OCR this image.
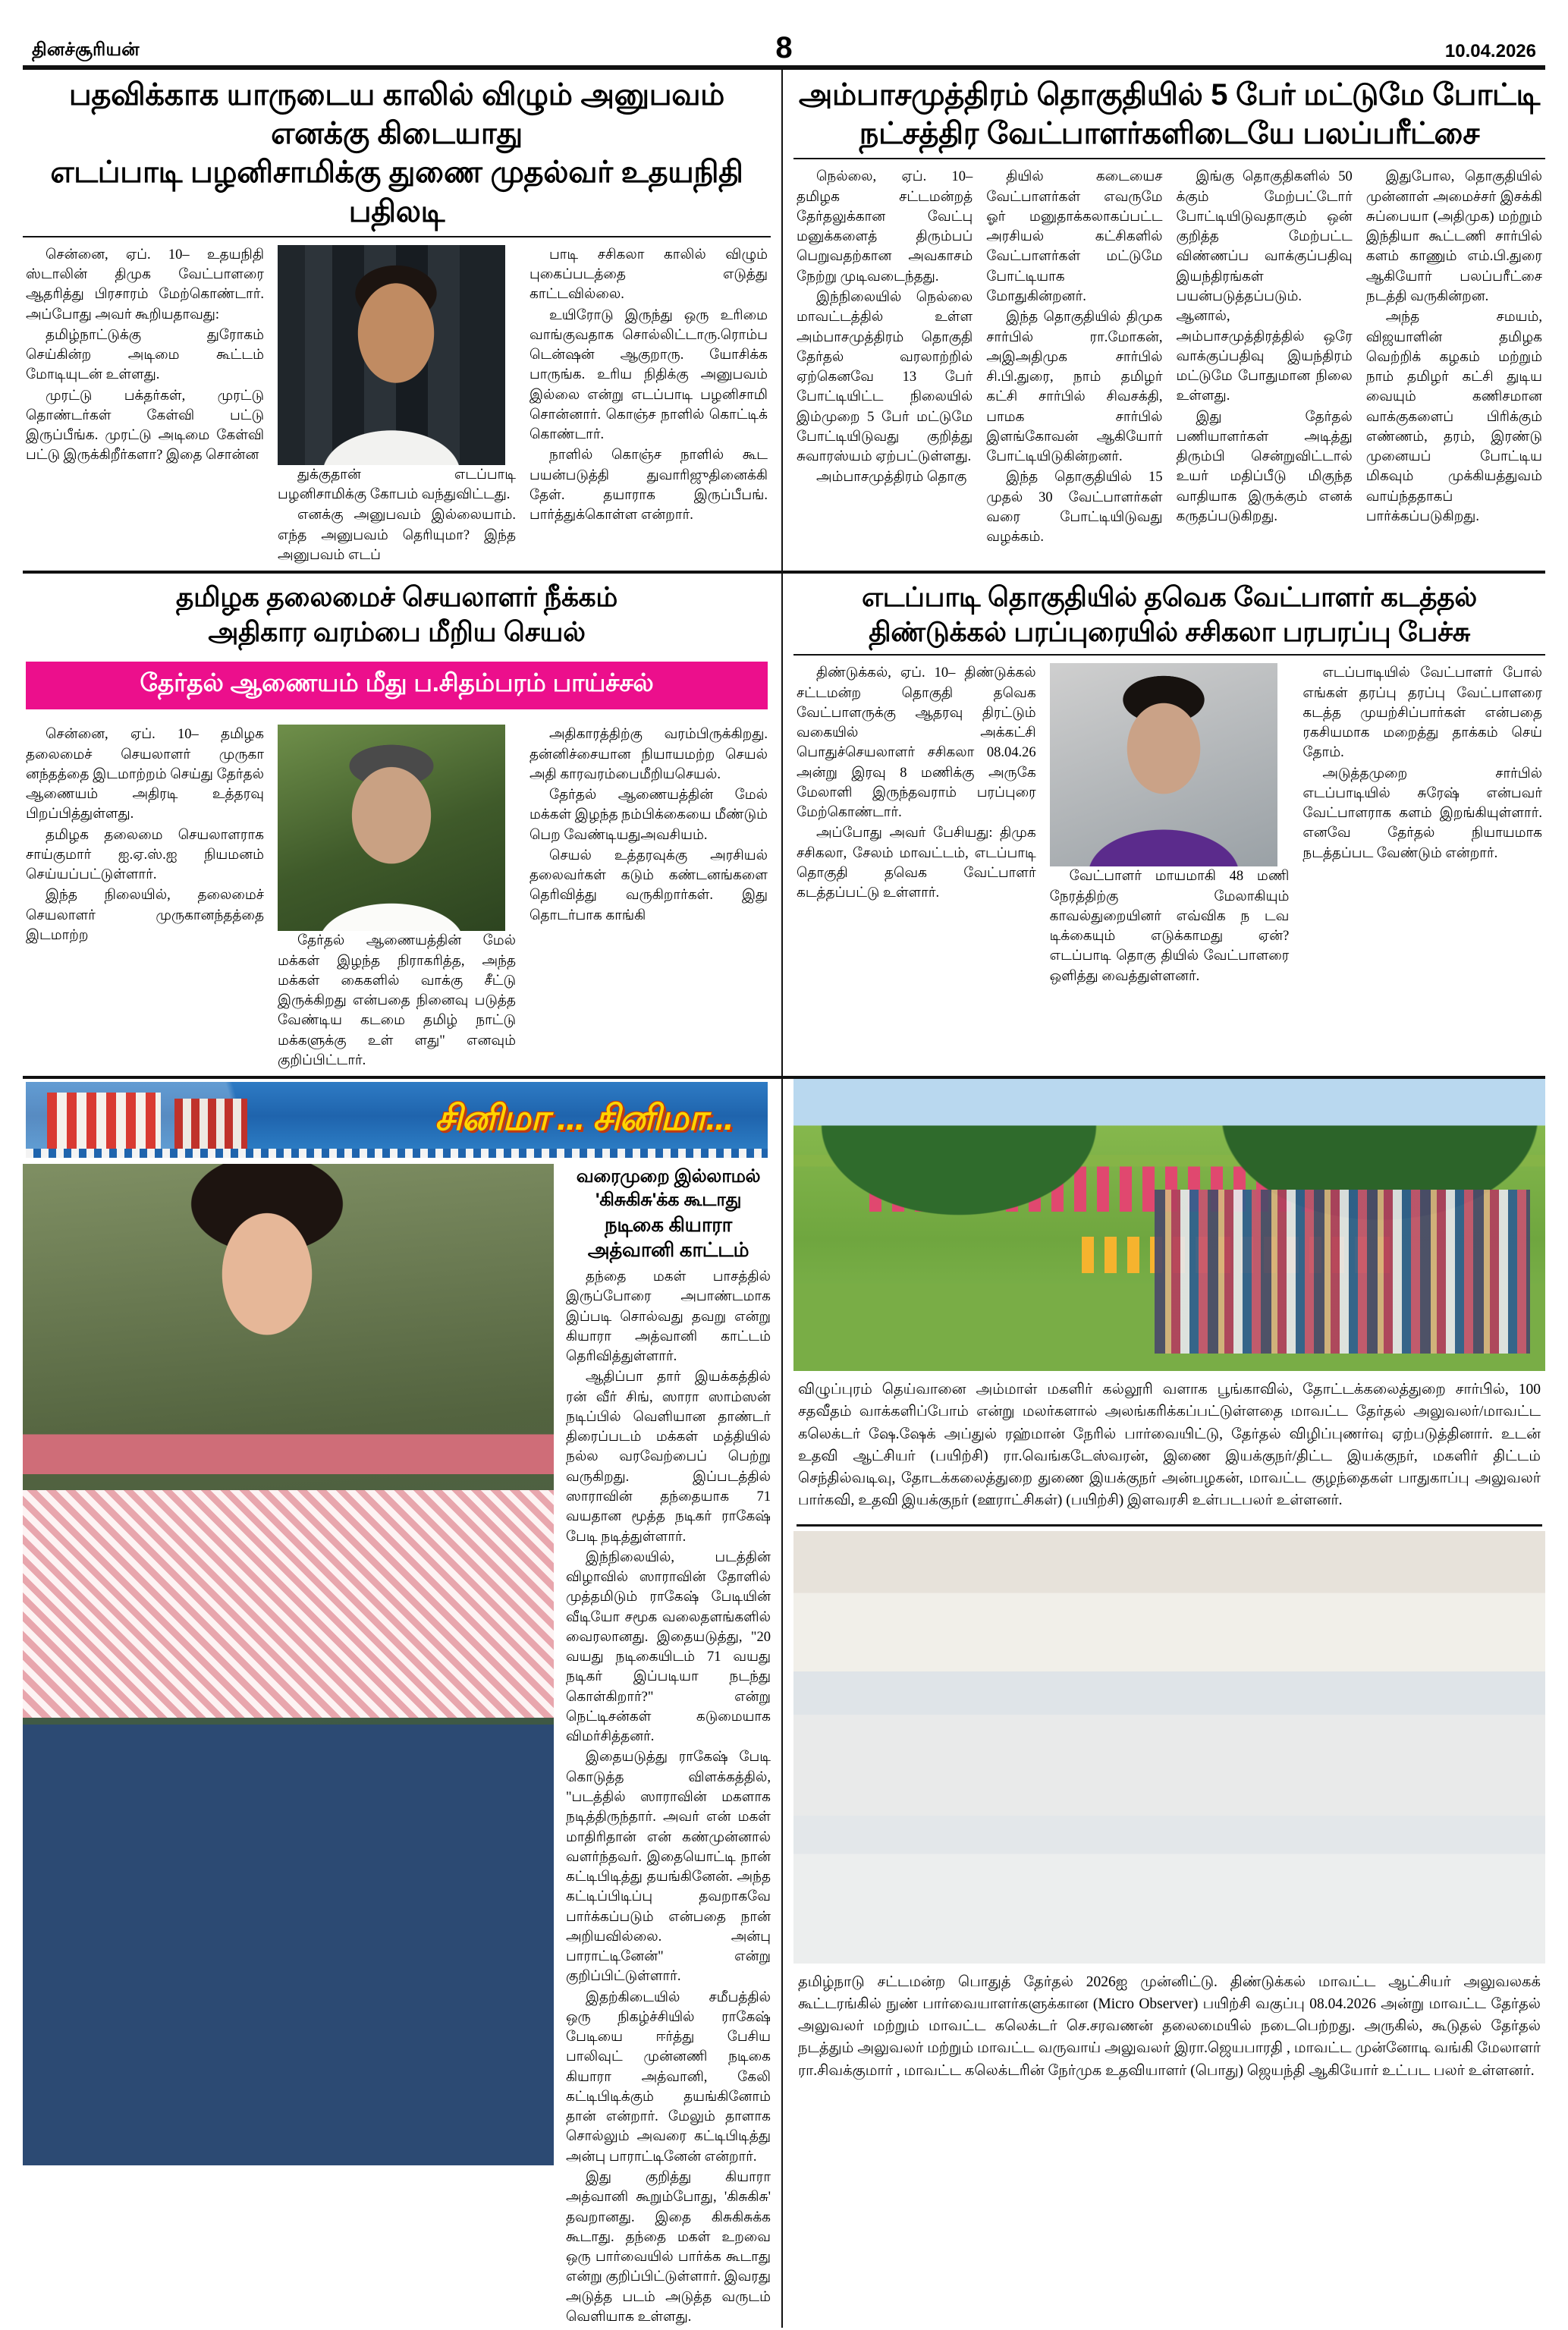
தினச்சூரியன்	8	10.04.2026
பதவிக்காக யாருடைய காலில் விழும் அனுபவம் எனக்கு கிடையாது
எடப்பாடி பழனிசாமிக்கு துணை முதல்வர் உதயநிதி பதிலடி

சென்னை, ஏப். 10– உதயநிதி ஸ்டாலின் திமுக வேட்பாளரை ஆதரித்து பிரசாரம் மேற்கொண்டார். அப்போது அவர் கூறியதாவது:

தமிழ்நாட்டுக்கு துரோகம் செய்கின்ற அடிமை கூட்டம் மோடியுடன் உள்ளது.

முரட்டு பக்தர்கள், முரட்டு தொண்டர்கள் கேள்வி பட்டு இருப்பீங்க. முரட்டு அடிமை கேள்வி பட்டு இருக்கிறீர்களா? இதை சொன்ன

துக்குதான் எடப்பாடி பழனிசாமிக்கு கோபம் வந்துவிட்டது.

எனக்கு அனுபவம் இல்லையாம். எந்த அனுபவம் தெரியுமா? இந்த அனுபவம் எடப்

பாடி சசிகலா காலில் விழும் புகைப்படத்தை எடுத்து காட்டவில்லை.

உயிரோடு இருந்து ஒரு உரிமை வாங்குவதாக சொல்லிட்டாரு.ரொம்ப டென்ஷன் ஆகுறாரு. யோசிக்க பாருங்க. உரிய நிதிக்கு அனுபவம் இல்லை என்று எடப்பாடி பழனிசாமி சொன்னார். கொஞ்ச நாளில் கொட்டிக் கொண்டார்.

நாளில் கொஞ்ச நாளில் கூட பயன்படுத்தி துவாரிஜுதினைக்கி தேள். தயாராக இருப்பீபங். பார்த்துக்கொள்ள என்றார்.

அம்பாசமுத்திரம் தொகுதியில் 5 பேர் மட்டுமே போட்டி
நட்சத்திர வேட்பாளர்களிடையே பலப்பரீட்சை

நெல்லை, ஏப். 10– தமிழக சட்டமன்றத் தேர்தலுக்கான வேட்பு மனுக்களைத் திரும்பப் பெறுவதற்கான அவகாசம் நேற்று முடிவடைந்தது.

இந்நிலையில் நெல்லை மாவட்டத்தில் உள்ள அம்பாசமுத்திரம் தொகுதி தேர்தல் வரலாற்றில் ஏற்கெனவே 13 பேர் போட்டியிட்ட நிலையில் இம்முறை 5 பேர் மட்டுமே போட்டியிடுவது குறித்து சுவாரஸ்யம் ஏற்பட்டுள்ளது.

அம்பாசமுத்திரம் தொகு

தியில் கடையைச வேட்பாளர்கள் எவருமே ஓர் மனுதாக்கலாகப்பட்ட அரசியல் கட்சிகளில் வேட்பாளர்கள் மட்டுமே போட்டியாக மோதுகின்றனர்.

இந்த தொகுதியில் திமுக சார்பில் ரா.மோகன், அஇஅதிமுக சார்பில் சி.பி.துரை, நாம் தமிழர் கட்சி சார்பில் சிவசக்தி, பாமக சார்பில் இளங்கோவன் ஆகியோர் போட்டியிடுகின்றனர்.

இந்த தொகுதியில் 15 முதல் 30 வேட்பாளர்கள் வரை போட்டியிடுவது வழக்கம்.

இங்கு தொகுதிகளில் 50 க்கும் மேற்பட்டோர் போட்டியிடுவதாகும் ஒன் குறித்த மேற்பட்ட விண்ணப்ப வாக்குப்பதிவு இயந்திரங்கள் பயன்படுத்தப்படும். ஆனால், அம்பாசமுத்திரத்தில் ஒரே வாக்குப்பதிவு இயந்திரம் மட்டுமே போதுமான நிலை உள்ளது.

இது தேர்தல் பணியாளர்கள் அடித்து திரும்பி சென்றுவிட்டால் உயர் மதிப்பீடு மிகுந்த வாதியாக இருக்கும் எனக் கருதப்படுகிறது.

இதுபோல, தொகுதியில் முன்னாள் அமைச்சர் இசக்கி சுப்பையா (அதிமுக) மற்றும் இந்தியா கூட்டணி சார்பில் களம் காணும் எம்.பி.துரை ஆகியோர் பலப்பரீட்சை நடத்தி வருகின்றன.

அந்த சமயம், விஜயாளின் தமிழக வெற்றிக் கழகம் மற்றும் நாம் தமிழர் கட்சி துடிய வையும் கணிசமான வாக்குகளைப் பிரிக்கும் எண்ணம், தரம், இரண்டு முனையப் போட்டிய மிகவும் முக்கியத்துவம் வாய்ந்ததாகப் பார்க்கப்படுகிறது.

தமிழக தலைமைச் செயலாளர் நீக்கம்
அதிகார வரம்பை மீறிய செயல்
தேர்தல் ஆணையம் மீது ப.சிதம்பரம் பாய்ச்சல்

சென்னை, ஏப். 10– தமிழக தலைமைச் செயலாளர் முருகா னந்தத்தை இடமாற்றம் செய்து தேர்தல் ஆணையம் அதிரடி உத்தரவு பிறப்பித்துள்ளது.

தமிழக தலைமை செயலாளராக சாய்குமார் ஐ.ஏ.ஸ்.ஐ நியமனம் செய்யப்பட்டுள்ளார்.

இந்த நிலையில், தலைமைச் செயலாளர் முருகானந்தத்தை இடமாற்ற	தேர்தல் ஆணையத்தின் மேல் மக்கள் இழந்த நிராகரித்த, அந்த மக்கள் கைகளில் வாக்கு சீட்டு இருக்கிறது என்பதை நினைவு படுத்த வேண்டிய கடமை தமிழ் நாட்டு மக்களுக்கு உள் ளது" எனவும் குறிப்பிட்டார்.

அதிகாரத்திற்கு வரம்பிருக்கிறது. தன்னிச்சையான நியாயமற்ற செயல் அதி காரவரம்பைமீறியசெயல்.

தேர்தல் ஆணையத்தின் மேல் மக்கள் இழந்த நம்பிக்கையை மீண்டும் பெற வேண்டியதுஅவசியம்.

செயல் உத்தரவுக்கு அரசியல் தலைவர்கள் கடும் கண்டனங்களை தெரிவித்து வருகிறார்கள். இது தொடர்பாக காங்கி

எடப்பாடி தொகுதியில் தவெக வேட்பாளர் கடத்தல்
திண்டுக்கல் பரப்புரையில் சசிகலா பரபரப்பு பேச்சு

திண்டுக்கல், ஏப். 10– திண்டுக்கல் சட்டமன்ற தொகுதி தவெக வேட்பாளருக்கு ஆதரவு திரட்டும் வகையில் அக்கட்சி பொதுச்செயலாளர் சசிகலா 08.04.26 அன்று இரவு 8 மணிக்கு அருகே மேலாளி இருந்தவராம் பரப்புரை மேற்கொண்டார்.

அப்போது அவர் பேசியது: திமுக சசிகலா, சேலம் மாவட்டம், எடப்பாடி தொகுதி தவெக வேட்பாளர் கடத்தப்பட்டு உள்ளார்.

வேட்பாளர் மாயமாகி 48 மணி நேரத்திற்கு மேலாகியும் காவல்துறையினர் எவ்விக ந டவ டிக்கையும் எடுக்காமது ஏன்? எடப்பாடி தொகு தியில் வேட்பாளரை ஒளித்து வைத்துள்ளனர்.

எடப்பாடியில் வேட்பாளர் போல் எங்கள் தரப்பு தரப்பு வேட்பாளரை கடத்த முயற்சிப்பார்கள் என்பதை ரகசியமாக மறைத்து தாக்கம் செய் தோம்.

அடுத்தமுறை சார்பில் எடப்பாடியில் சுரேஷ் என்பவர் வேட்பாளராக களம் இறங்கியுள்ளார். எனவே தேர்தல் நியாயமாக நடத்தப்பட வேண்டும் என்றார்.

சினிமா ... சினிமா...
வரைமுறை இல்லாமல்
'கிசுகிசு'க்க கூடாது
நடிகை கியாரா அத்வானி காட்டம்

தந்தை மகள் பாசத்தில் இருப்போரை அபாண்டமாக இப்படி சொல்வது தவறு என்று கியாரா அத்வானி காட்டம் தெரிவித்துள்ளார்.

ஆதிப்பா தார் இயக்கத்தில் ரன் வீர் சிங், ஸாரா ஸாம்ஸன் நடிப்பில் வெளியான தாண்டர் திரைப்படம் மக்கள் மத்தியில் நல்ல வரவேற்பைப் பெற்று வருகிறது. இப்படத்தில் ஸாராவின் தந்தையாக 71 வயதான மூத்த நடிகர் ராகேஷ் பேடி நடித்துள்ளார்.

இந்நிலையில், படத்தின் விழாவில் ஸாராவின் தோளில் முத்தமிடும் ராகேஷ் பேடியின் வீடியோ சமூக வலைதளங்களில் வைரலானது. இதையடுத்து, "20 வயது நடிகையிடம் 71 வயது நடிகர் இப்படியா நடந்து கொள்கிறார்?" என்று நெட்டிசன்கள் கடுமையாக விமர்சித்தனர்.

இதையடுத்து ராகேஷ் பேடி கொடுத்த விளக்கத்தில், "படத்தில் ஸாராவின் மகளாக நடித்திருந்தார். அவர் என் மகள் மாதிரிதான் என் கண்முன்னால் வளர்ந்தவர். இதையொட்டி நான் கட்டிபிடித்து தயங்கினேன். அந்த கட்டிப்பிடிப்பு தவறாகவே பார்க்கப்படும் என்பதை நான் அறியவில்லை. அன்பு பாராட்டினேன்" என்று குறிப்பிட்டுள்ளார்.

இதற்கிடையில் சமீபத்தில் ஒரு நிகழ்ச்சியில் ராகேஷ் பேடியை ஈர்த்து பேசிய பாலிவுட் முன்னணி நடிகை கியாரா அத்வானி, கேலி கட்டிபிடிக்கும் தயங்கினோம் தான் என்றார். மேலும் தாளாக சொல்லும் அவரை கட்டிபிடித்து அன்பு பாராட்டினேன் என்றார்.

இது குறித்து கியாரா அத்வானி கூறும்போது, 'கிசுகிசு' தவறானது. இதை கிசுகிசுக்க கூடாது. தந்தை மகள் உறவை ஒரு பார்வையில் பார்க்க கூடாது என்று குறிப்பிட்டுள்ளார். இவரது அடுத்த படம் அடுத்த வருடம் வெளியாக உள்ளது.

விழுப்புரம் தெய்வானை அம்மாள் மகளிர் கல்லூரி வளாக பூங்காவில், தோட்டக்கலைத்துறை சார்பில், 100 சதவீதம் வாக்களிப்போம் என்று மலர்களால் அலங்கரிக்கப்பட்டுள்ளதை மாவட்ட தேர்தல் அலுவலர்/மாவட்ட கலெக்டர் ஷே.ஷேக் அப்துல் ரஹ்மான் நேரில் பார்வையிட்டு, தேர்தல் விழிப்புணர்வு ஏற்படுத்தினார். உடன் உதவி ஆட்சியர் (பயிற்சி) ரா.வெங்கடேஸ்வரன், இணை இயக்குநர்/திட்ட இயக்குநர், மகளிர் திட்டம் செந்தில்வடிவு, தோடக்கலைத்துறை துணை இயக்குநர் அன்பழகன், மாவட்ட குழந்தைகள் பாதுகாப்பு அலுவலர் பார்கவி, உதவி இயக்குநர் (ஊராட்சிகள்) (பயிற்சி) இளவரசி உள்படபலர் உள்ளனர்.
தமிழ்நாடு சட்டமன்ற பொதுத் தேர்தல் 2026ஐ முன்னிட்டு. திண்டுக்கல் மாவட்ட ஆட்சியர் அலுவலகக் கூட்டரங்கில் நுண் பார்வையாளர்களுக்கான (Micro Observer) பயிற்சி வகுப்பு 08.04.2026 அன்று மாவட்ட தேர்தல் அலுவலர் மற்றும் மாவட்ட கலெக்டர் செ.சரவணன் தலைமையில் நடைபெற்றது. அருகில், கூடுதல் தேர்தல் நடத்தும் அலுவலர் மற்றும் மாவட்ட வருவாய் அலுவலர் இரா.ஜெயபாரதி , மாவட்ட முன்னோடி வங்கி மேலாளர் ரா.சிவக்குமார் , மாவட்ட கலெக்டரின் நேர்முக உதவியாளர் (பொது) ஜெயந்தி ஆகியோர் உட்பட பலர் உள்ளனர்.
